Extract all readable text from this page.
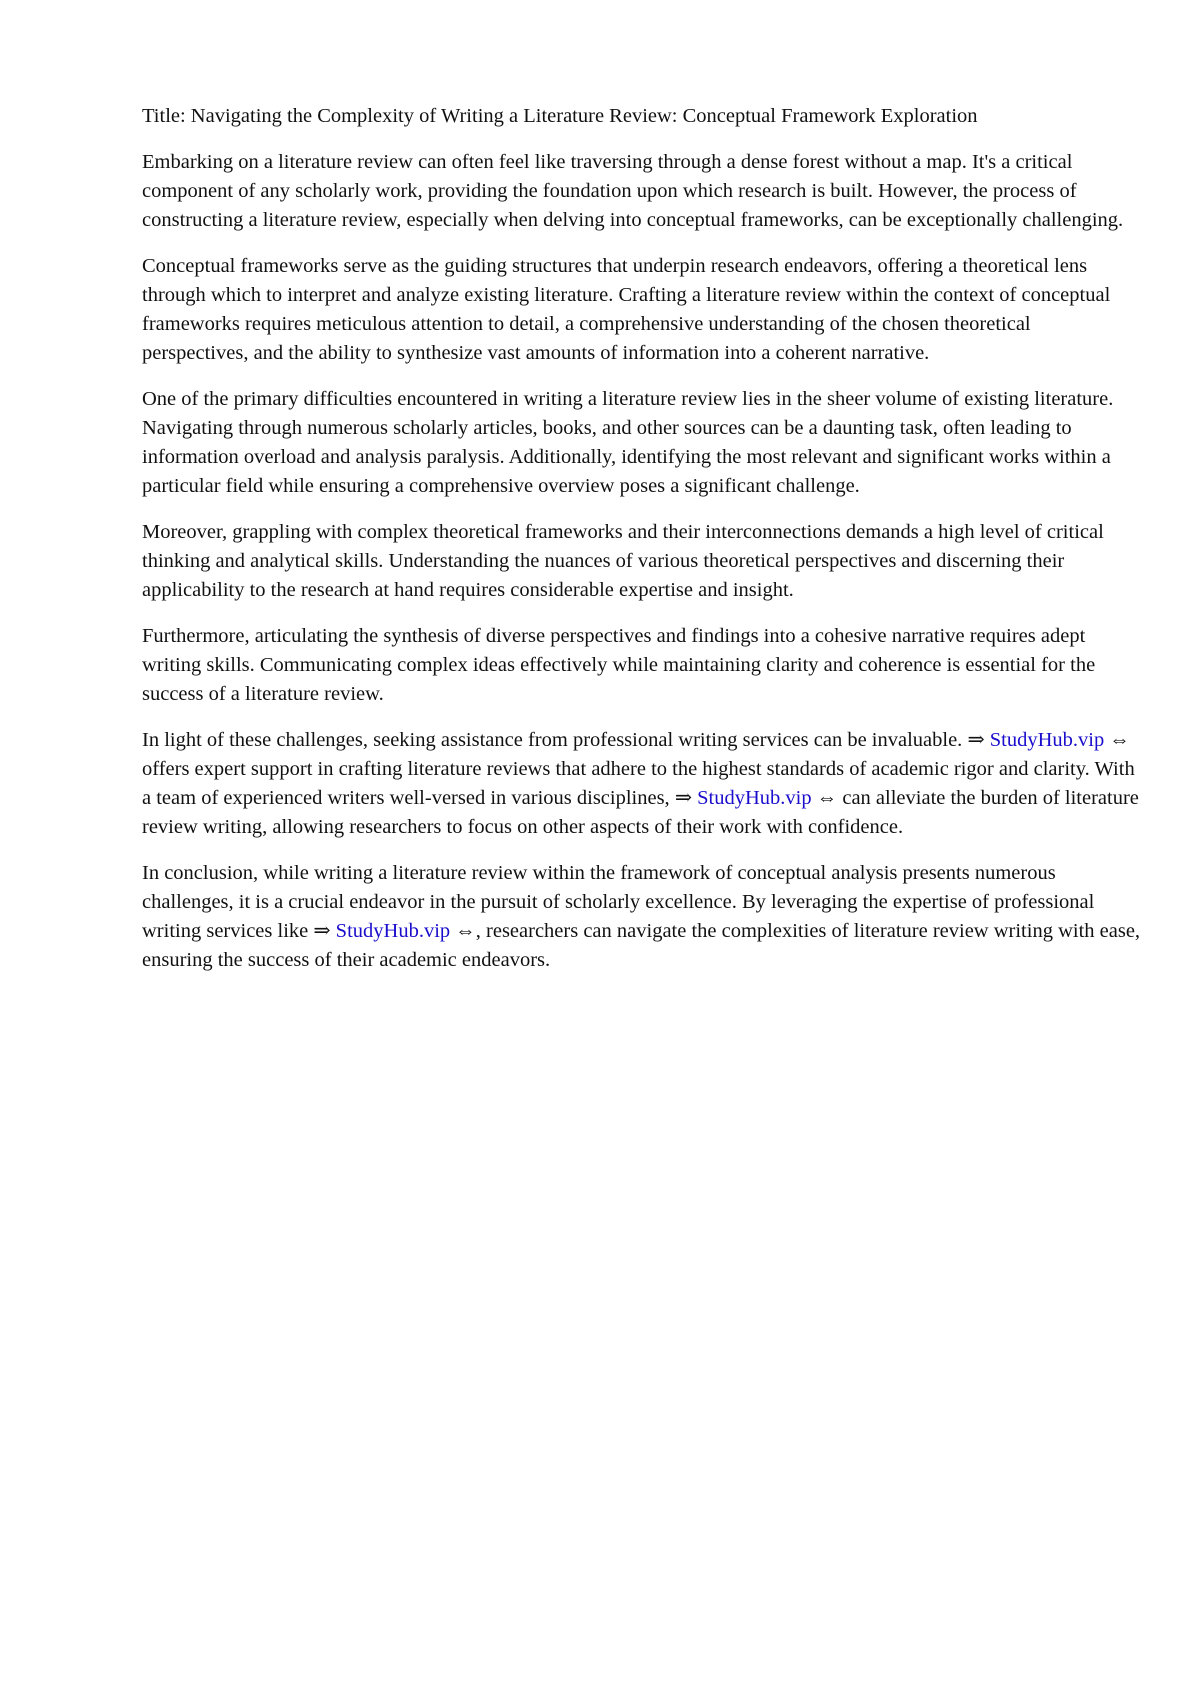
Title: Navigating the Complexity of Writing a Literature Review: Conceptual Framework Exploration

Embarking on a literature review can often feel like traversing through a dense forest without a map. It's a critical component of any scholarly work, providing the foundation upon which research is built. However, the process of constructing a literature review, especially when delving into conceptual frameworks, can be exceptionally challenging.

Conceptual frameworks serve as the guiding structures that underpin research endeavors, offering a theoretical lens through which to interpret and analyze existing literature. Crafting a literature review within the context of conceptual frameworks requires meticulous attention to detail, a comprehensive understanding of the chosen theoretical perspectives, and the ability to synthesize vast amounts of information into a coherent narrative.

One of the primary difficulties encountered in writing a literature review lies in the sheer volume of existing literature. Navigating through numerous scholarly articles, books, and other sources can be a daunting task, often leading to information overload and analysis paralysis. Additionally, identifying the most relevant and significant works within a particular field while ensuring a comprehensive overview poses a significant challenge.

Moreover, grappling with complex theoretical frameworks and their interconnections demands a high level of critical thinking and analytical skills. Understanding the nuances of various theoretical perspectives and discerning their applicability to the research at hand requires considerable expertise and insight.

Furthermore, articulating the synthesis of diverse perspectives and findings into a cohesive narrative requires adept writing skills. Communicating complex ideas effectively while maintaining clarity and coherence is essential for the success of a literature review.

In light of these challenges, seeking assistance from professional writing services can be invaluable. ⇒ StudyHub.vip ⇔ offers expert support in crafting literature reviews that adhere to the highest standards of academic rigor and clarity. With a team of experienced writers well-versed in various disciplines, ⇒ StudyHub.vip ⇔ can alleviate the burden of literature review writing, allowing researchers to focus on other aspects of their work with confidence.

In conclusion, while writing a literature review within the framework of conceptual analysis presents numerous challenges, it is a crucial endeavor in the pursuit of scholarly excellence. By leveraging the expertise of professional writing services like ⇒ StudyHub.vip ⇔, researchers can navigate the complexities of literature review writing with ease, ensuring the success of their academic endeavors.
